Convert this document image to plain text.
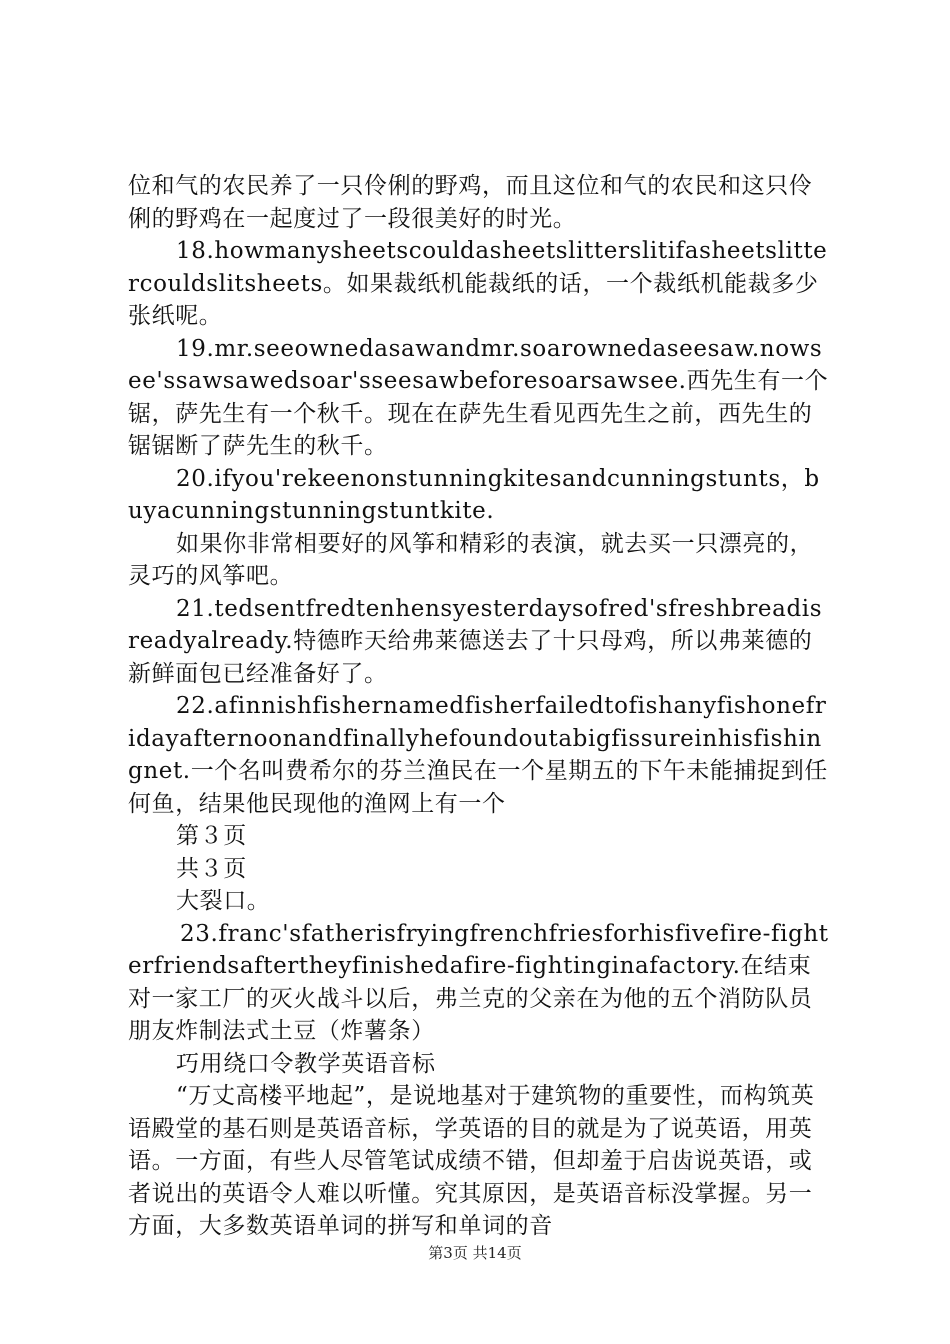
位和气的农民养了一只伶俐的野鸡，而且这位和气的农民和这只伶俐的野鸡在一起度过了一段很美好的时光。

18.howmanysheetscouldasheetslitterslitifasheetslittercouldslitsheets。如果裁纸机能裁纸的话，一个裁纸机能裁多少张纸呢。

19.mr.seeownedasawandmr.soarownedaseesaw.nowsee'ssawsawedsoar'sseesawbeforesoarsawsee.西先生有一个锯，萨先生有一个秋千。现在在萨先生看见西先生之前，西先生的锯锯断了萨先生的秋千。

20.ifyou'rekeenonstunningkitesandcunningstunts，buyacunningstunningstuntkite.

如果你非常相要好的风筝和精彩的表演，就去买一只漂亮的，灵巧的风筝吧。

21.tedsentfredtenhensyesterdaysofred'sfreshbreadisreadyalready.特德昨天给弗莱德送去了十只母鸡，所以弗莱德的新鲜面包已经准备好了。

22.afinnishfishernamedfisherfailedtofishanyfishonefridayafternoonandfinallyhefoundoutabigfissureinhisfishingnet.一个名叫费希尔的芬兰渔民在一个星期五的下午未能捕捉到任何鱼，结果他民现他的渔网上有一个

第３页

共３页

大裂口。

23.franc'sfatherisfryingfrenchfriesforhisfivefire-fighterfriendsaftertheyfinishedafire-fightinginafactory.在结束对一家工厂的灭火战斗以后，弗兰克的父亲在为他的五个消防队员朋友炸制法式土豆（炸薯条）

巧用绕口令教学英语音标

“万丈高楼平地起”，是说地基对于建筑物的重要性，而构筑英语殿堂的基石则是英语音标，学英语的目的就是为了说英语，用英语。一方面，有些人尽管笔试成绩不错，但却羞于启齿说英语，或者说出的英语令人难以听懂。究其原因，是英语音标没掌握。另一方面，大多数英语单词的拼写和单词的音

第3页 共14页
